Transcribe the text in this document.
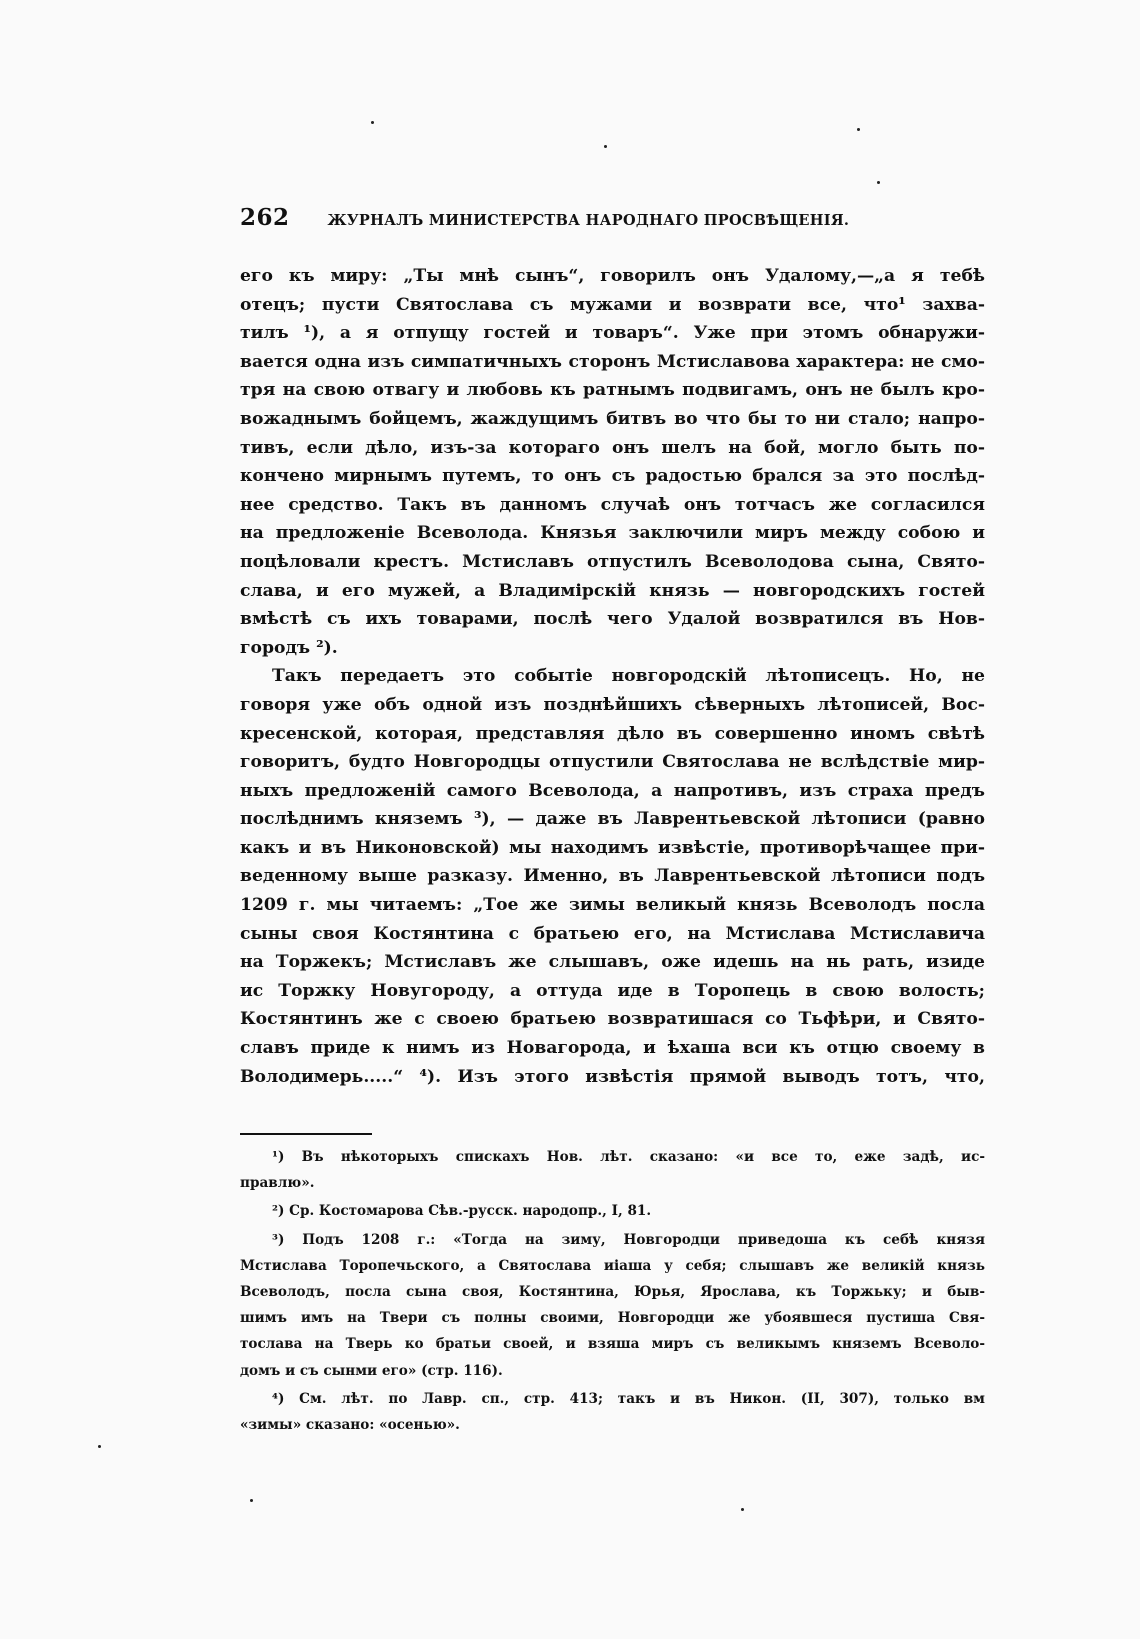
262	ЖУРНАЛЪ МИНИСТЕРСТВА НАРОДНАГО ПРОСВѢЩЕНІЯ.
его къ миру: „Ты мнѣ сынъ“, говорилъ онъ Удалому,—„а я тебѣ
отецъ; пусти Святослава съ мужами и возврати все, что¹ захва-
тилъ ¹), а я отпущу гостей и товаръ“. Уже при этомъ обнаружи-
вается одна изъ симпатичныхъ сторонъ Мстиславова характера: не смо-
тря на свою отвагу и любовь къ ратнымъ подвигамъ, онъ не былъ кро-
вожаднымъ бойцемъ, жаждущимъ битвъ во что бы то ни стало; напро-
тивъ, если дѣло, изъ-за котораго онъ шелъ на бой, могло быть по-
кончено мирнымъ путемъ, то онъ съ радостью брался за это послѣд-
нее средство. Такъ въ данномъ случаѣ онъ тотчасъ же согласился
на предложеніе Всеволода. Князья заключили миръ между собою и
поцѣловали крестъ. Мстиславъ отпустилъ Всеволодова сына, Свято-
слава, и его мужей, а Владимірскій князь — новгородскихъ гостей
вмѣстѣ съ ихъ товарами, послѣ чего Удалой возвратился въ Нов-
городъ ²).
Такъ передаетъ это событіе новгородскій лѣтописецъ. Но, не
говоря уже объ одной изъ позднѣйшихъ сѣверныхъ лѣтописей, Вос-
кресенской, которая, представляя дѣло въ совершенно иномъ свѣтѣ
говоритъ, будто Новгородцы отпустили Святослава не вслѣдствіе мир-
ныхъ предложеній самого Всеволода, а напротивъ, изъ страха предъ
послѣднимъ княземъ ³), — даже въ Лаврентьевской лѣтописи (равно
какъ и въ Никоновской) мы находимъ извѣстіе, противорѣчащее при-
веденному выше разказу. Именно, въ Лаврентьевской лѣтописи подъ
1209 г. мы читаемъ: „Тое же зимы великый князь Всеволодъ посла
сыны своя Костянтина с братьею его, на Мстислава Мстиславича
на Торжекъ; Мстиславъ же слышавъ, оже идешь на нь рать, изиде
ис Торжку Новугороду, а оттуда иде в Торопець в свою волость;
Костянтинъ же с своею братьею возвратишася со Тьфѣри, и Свято-
славъ приде к нимъ из Новагорода, и ѣхаша вси къ отцю своему в
Володимерь.....“ ⁴). Изъ этого извѣстія прямой выводъ тотъ, что,
¹) Въ нѣкоторыхъ спискахъ Нов. лѣт. сказано: «и все то, еже задѣ, ис-
правлю».
²) Ср. Костомарова Сѣв.-русск. народопр., I, 81.
³) Подъ 1208 г.: «Тогда на зиму, Новгородци приведоша къ себѣ князя
Мстислава Торопечьского, а Святослава иіаша у себя; слышавъ же великій князь
Всеволодъ, посла сына своя, Костянтина, Юрья, Ярослава, къ Торжьку; и быв-
шимъ имъ на Твери съ полны своими, Новгородци же убоявшеся пустиша Свя-
тослава на Тверь ко братьи своей, и взяша миръ съ великымъ княземъ Всеволо-
домъ и съ сынми его» (стр. 116).
⁴) См. лѣт. по Лавр. сп., стр. 413; такъ и въ Никон. (II, 307), только вм
«зимы» сказано: «осенью».
